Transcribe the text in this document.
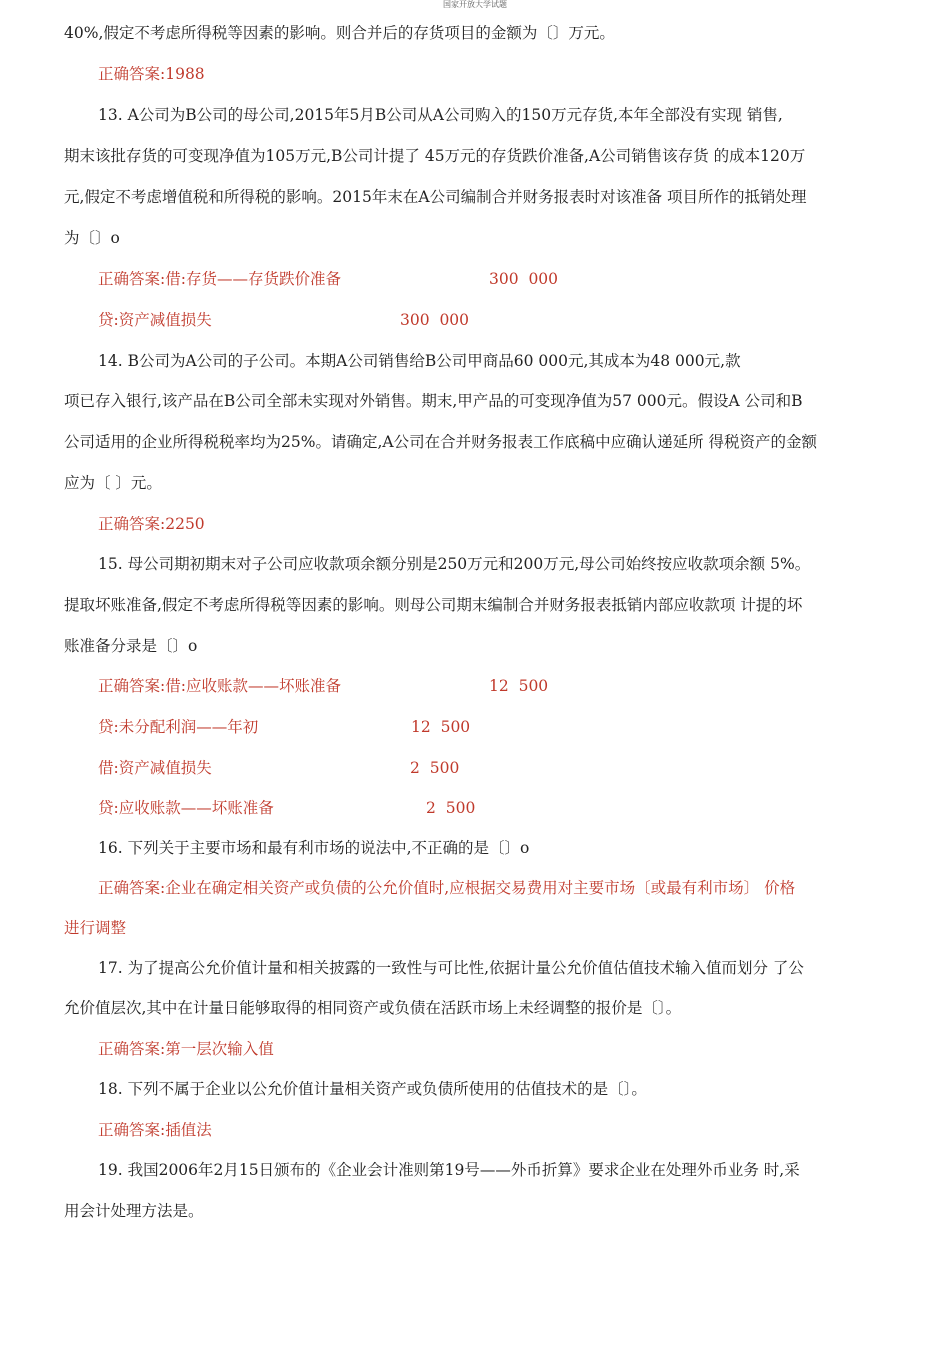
国家开放大学试题
40%,假定不考虑所得税等因素的影响。则合并后的存货项目的金额为〔〕万元。
正确答案:1988
13. A公司为B公司的母公司,2015年5月B公司从A公司购入的150万元存货,本年全部没有实现 销售,
期末该批存货的可变现净值为105万元,B公司计提了 45万元的存货跌价准备,A公司销售该存货 的成本120万
元,假定不考虑增值税和所得税的影响。2015年末在A公司编制合并财务报表时对该准备 项目所作的抵销处理
为〔〕o
正确答案:借:存货——存货跌价准备	300  000
贷:资产减值损失	300  000
14. B公司为A公司的子公司。本期A公司销售给B公司甲商品60 000元,其成本为48 000元,款
项已存入银行,该产品在B公司全部未实现对外销售。期末,甲产品的可变现净值为57 000元。假设A 公司和B
公司适用的企业所得税税率均为25%。请确定,A公司在合并财务报表工作底稿中应确认递延所 得税资产的金额
应为〔 〕元。
正确答案:2250
15. 母公司期初期末对子公司应收款项余额分别是250万元和200万元,母公司始终按应收款项余额 5%。
提取坏账准备,假定不考虑所得税等因素的影响。则母公司期末编制合并财务报表抵销内部应收款项 计提的坏
账准备分录是〔〕o
正确答案:借:应收账款——坏账准备	12  500
贷:未分配利润——年初	12  500
借:资产减值损失	2  500
贷:应收账款——坏账准备	2  500
16. 下列关于主要市场和最有利市场的说法中,不正确的是〔〕o
正确答案:企业在确定相关资产或负债的公允价值时,应根据交易费用对主要市场〔或最有利市场〕 价格
进行调整
17. 为了提高公允价值计量和相关披露的一致性与可比性,依据计量公允价值估值技术输入值而划分 了公
允价值层次,其中在计量日能够取得的相同资产或负债在活跃市场上未经调整的报价是〔〕。
正确答案:第一层次输入值
18. 下列不属于企业以公允价值计量相关资产或负债所使用的估值技术的是〔〕。
正确答案:插值法
19. 我国2006年2月15日颁布的《企业会计准则第19号——外币折算》要求企业在处理外币业务 时,采
用会计处理方法是。
